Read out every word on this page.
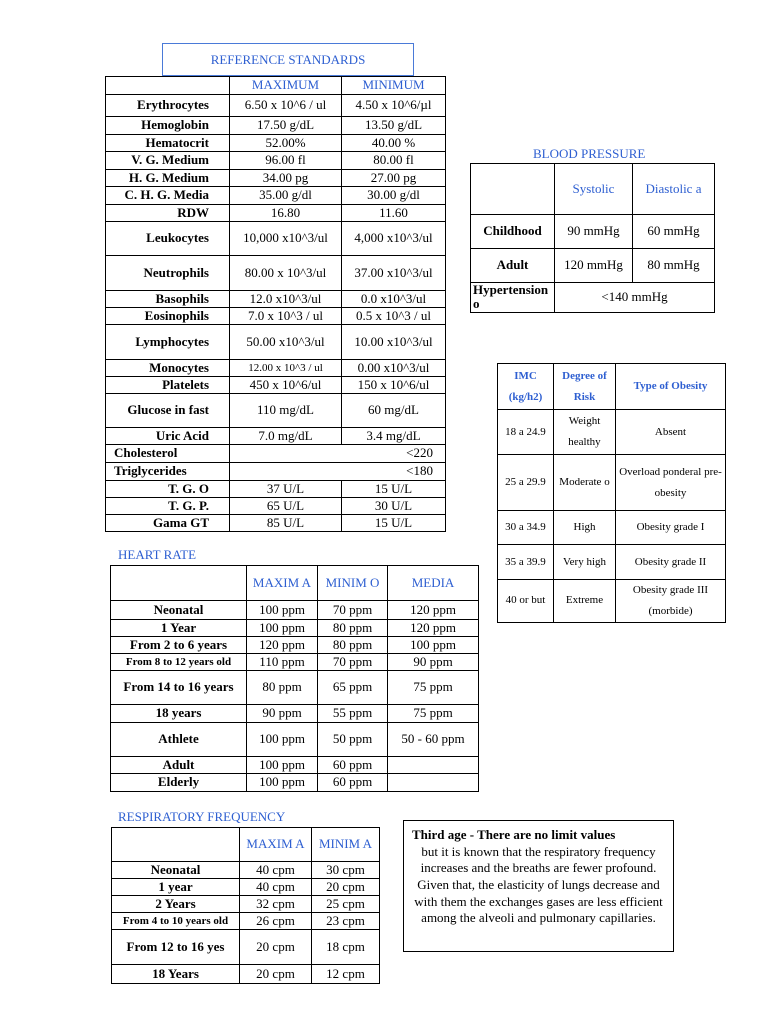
REFERENCE STANDARDS
	MAXIMUM	MINIMUM
Erythrocytes	6.50 x 10^6 / ul	4.50 x 10^6/µl
Hemoglobin	17.50 g/dL	13.50 g/dL
Hematocrit	52.00%	40.00 %
V. G. Medium	96.00 fl	80.00 fl
H. G. Medium	34.00 pg	27.00 pg
C. H. G. Media	35.00 g/dl	30.00 g/dl
RDW	16.80	11.60
Leukocytes	10,000 x10^3/ul	4,000 x10^3/ul
Neutrophils	80.00 x 10^3/ul	37.00 x10^3/ul
Basophils	12.0 x10^3/ul	0.0 x10^3/ul
Eosinophils	7.0 x 10^3 / ul	0.5 x 10^3 / ul
Lymphocytes	50.00 x10^3/ul	10.00 x10^3/ul
Monocytes	12.00 x 10^3 / ul	0.00 x10^3/ul
Platelets	450 x 10^6/ul	150 x 10^6/ul
Glucose in fast	110 mg/dL	60 mg/dL
Uric Acid	7.0 mg/dL	3.4 mg/dL
Cholesterol	<220	
Triglycerides	<180	
T. G. O	37 U/L	15 U/L
T. G. P.	65 U/L	30 U/L
Gama GT	85 U/L	15 U/L
BLOOD PRESSURE
	Systolic	Diastolic a
Childhood	90 mmHg	60 mmHg
Adult	120 mmHg	80 mmHg
Hypertension o	<140 mmHg	
IMC (kg/h2)	Degree of Risk	Type of Obesity
18 a 24.9	Weight healthy	Absent
25 a 29.9	Moderate o	Overload ponderal pre-obesity
30 a 34.9	High	Obesity grade I
35 a 39.9	Very high	Obesity grade II
40 or but	Extreme	Obesity grade III (morbide)
HEART RATE
	MAXIM A	MINIM O	MEDIA
Neonatal	100 ppm	70 ppm	120 ppm
1 Year	100 ppm	80 ppm	120 ppm
From 2 to 6 years	120 ppm	80 ppm	100 ppm
From 8 to 12 years old	110 ppm	70 ppm	90 ppm
From 14 to 16 years	80 ppm	65 ppm	75 ppm
18 years	90 ppm	55 ppm	75 ppm
Athlete	100 ppm	50 ppm	50 - 60 ppm
Adult	100 ppm	60 ppm	
Elderly	100 ppm	60 ppm	
RESPIRATORY FREQUENCY
	MAXIM A	MINIM A
Neonatal	40 cpm	30 cpm
1 year	40 cpm	20 cpm
2 Years	32 cpm	25 cpm
From 4 to 10 years old	26 cpm	23 cpm
From 12 to 16 yes	20 cpm	18 cpm
18 Years	20 cpm	12 cpm
Third age - There are no limit values
but it is known that the respiratory frequency increases and the breaths are fewer profound. Given that, the elasticity of lungs decrease and with them the exchanges gases are less efficient among the alveoli and pulmonary capillaries.
